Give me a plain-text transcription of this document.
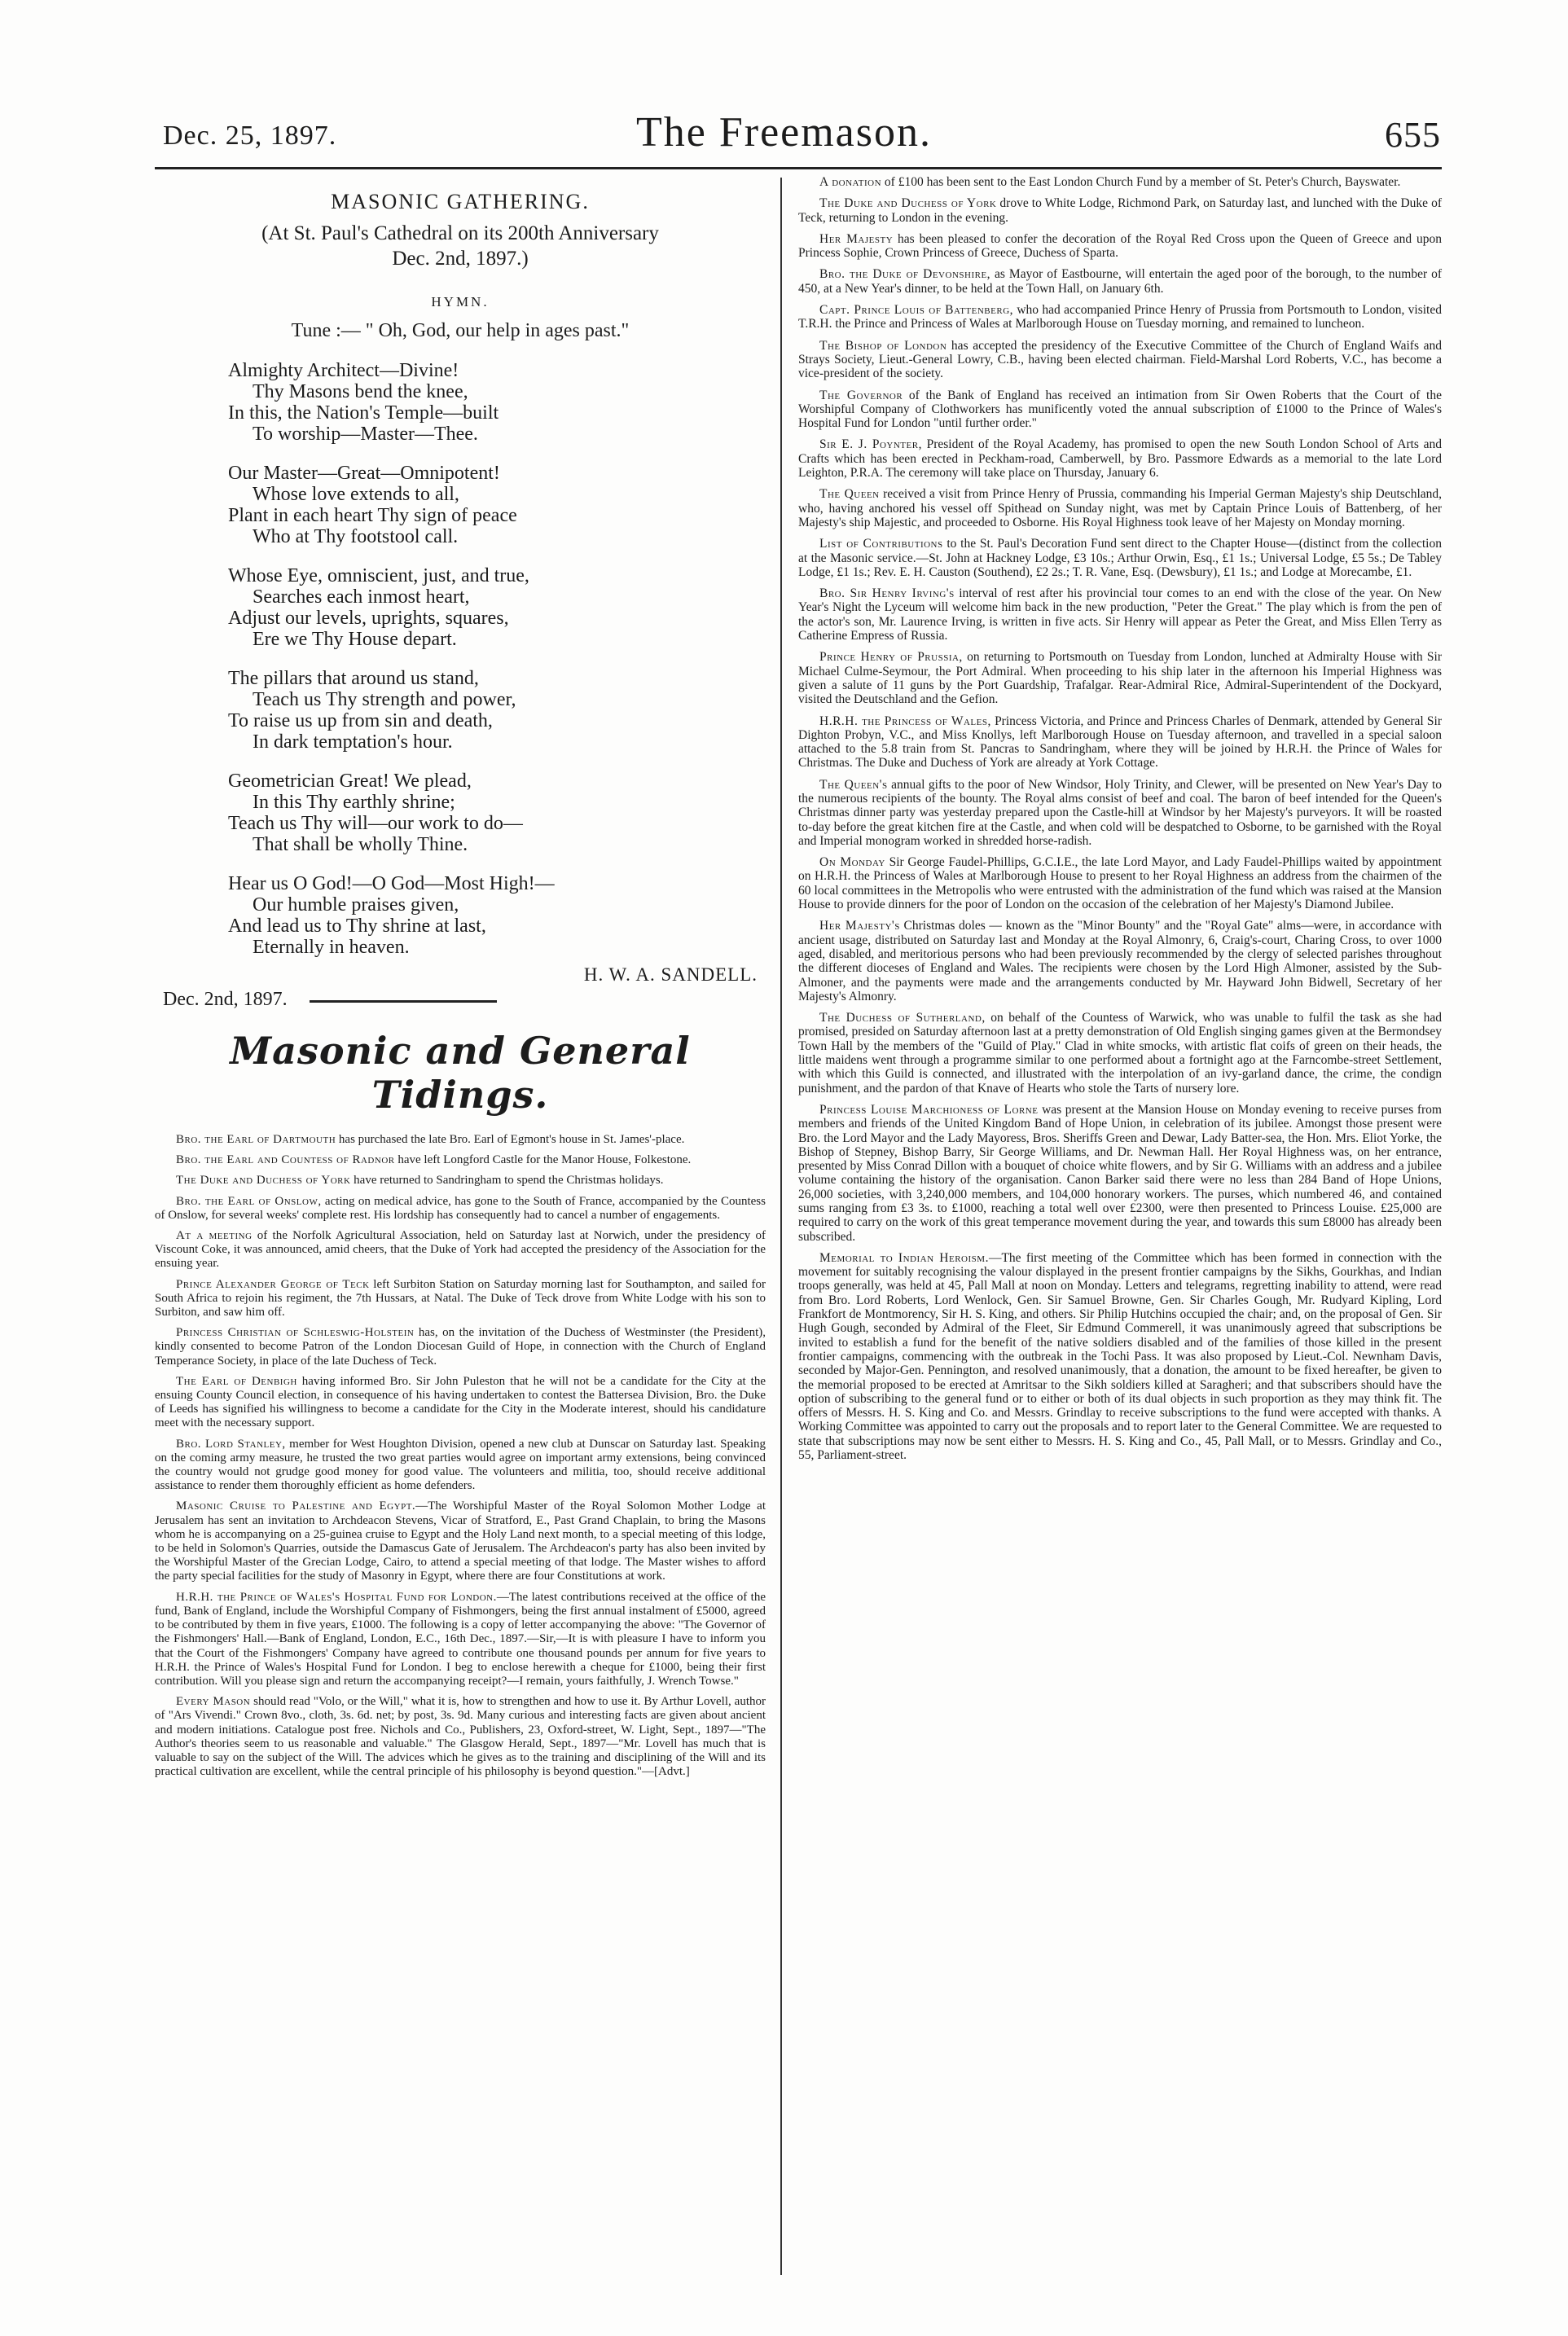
Dec. 25, 1897.	The Freemason.	655
MASONIC GATHERING.
(At St. Paul's Cathedral on its 200th Anniversary
Dec. 2nd, 1897.)
HYMN.
Tune :— " Oh, God, our help in ages past."
Almighty Architect—Divine!
Thy Masons bend the knee,
In this, the Nation's Temple—built
To worship—Master—Thee.
Our Master—Great—Omnipotent!
Whose love extends to all,
Plant in each heart Thy sign of peace
Who at Thy footstool call.
Whose Eye, omniscient, just, and true,
Searches each inmost heart,
Adjust our levels, uprights, squares,
Ere we Thy House depart.
The pillars that around us stand,
Teach us Thy strength and power,
To raise us up from sin and death,
In dark temptation's hour.
Geometrician Great! We plead,
In this Thy earthly shrine;
Teach us Thy will—our work to do—
That shall be wholly Thine.
Hear us O God!—O God—Most High!—
Our humble praises given,
And lead us to Thy shrine at last,
Eternally in heaven.
H. W. A. SANDELL.
Dec. 2nd, 1897.
Masonic and General Tidings.

Bro. the Earl of Dartmouth has purchased the late Bro. Earl of Egmont's house in St. James'-place.

Bro. the Earl and Countess of Radnor have left Longford Castle for the Manor House, Folkestone.

The Duke and Duchess of York have returned to Sandringham to spend the Christmas holidays.

Bro. the Earl of Onslow, acting on medical advice, has gone to the South of France, accompanied by the Countess of Onslow, for several weeks' complete rest. His lordship has consequently had to cancel a number of engagements.

At a meeting of the Norfolk Agricultural Association, held on Saturday last at Norwich, under the presidency of Viscount Coke, it was announced, amid cheers, that the Duke of York had accepted the presidency of the Association for the ensuing year.

Prince Alexander George of Teck left Surbiton Station on Saturday morning last for Southampton, and sailed for South Africa to rejoin his regiment, the 7th Hussars, at Natal. The Duke of Teck drove from White Lodge with his son to Surbiton, and saw him off.

Princess Christian of Schleswig-Holstein has, on the invitation of the Duchess of Westminster (the President), kindly consented to become Patron of the London Diocesan Guild of Hope, in connection with the Church of England Temperance Society, in place of the late Duchess of Teck.

The Earl of Denbigh having informed Bro. Sir John Puleston that he will not be a candidate for the City at the ensuing County Council election, in consequence of his having undertaken to contest the Battersea Division, Bro. the Duke of Leeds has signified his willingness to become a candidate for the City in the Moderate interest, should his candidature meet with the necessary support.

Bro. Lord Stanley, member for West Houghton Division, opened a new club at Dunscar on Saturday last. Speaking on the coming army measure, he trusted the two great parties would agree on important army extensions, being convinced the country would not grudge good money for good value. The volunteers and militia, too, should receive additional assistance to render them thoroughly efficient as home defenders.

Masonic Cruise to Palestine and Egypt.—The Worshipful Master of the Royal Solomon Mother Lodge at Jerusalem has sent an invitation to Archdeacon Stevens, Vicar of Stratford, E., Past Grand Chaplain, to bring the Masons whom he is accompanying on a 25-guinea cruise to Egypt and the Holy Land next month, to a special meeting of this lodge, to be held in Solomon's Quarries, outside the Damascus Gate of Jerusalem. The Archdeacon's party has also been invited by the Worshipful Master of the Grecian Lodge, Cairo, to attend a special meeting of that lodge. The Master wishes to afford the party special facilities for the study of Masonry in Egypt, where there are four Constitutions at work.

H.R.H. the Prince of Wales's Hospital Fund for London.—The latest contributions received at the office of the fund, Bank of England, include the Worshipful Company of Fishmongers, being the first annual instalment of £5000, agreed to be contributed by them in five years, £1000. The following is a copy of letter accompanying the above: "The Governor of the Fishmongers' Hall.—Bank of England, London, E.C., 16th Dec., 1897.—Sir,—It is with pleasure I have to inform you that the Court of the Fishmongers' Company have agreed to contribute one thousand pounds per annum for five years to H.R.H. the Prince of Wales's Hospital Fund for London. I beg to enclose herewith a cheque for £1000, being their first contribution. Will you please sign and return the accompanying receipt?—I remain, yours faithfully, J. Wrench Towse."

Every Mason should read "Volo, or the Will," what it is, how to strengthen and how to use it. By Arthur Lovell, author of "Ars Vivendi." Crown 8vo., cloth, 3s. 6d. net; by post, 3s. 9d. Many curious and interesting facts are given about ancient and modern initiations. Catalogue post free. Nichols and Co., Publishers, 23, Oxford-street, W. Light, Sept., 1897—"The Author's theories seem to us reasonable and valuable." The Glasgow Herald, Sept., 1897—"Mr. Lovell has much that is valuable to say on the subject of the Will. The advices which he gives as to the training and disciplining of the Will and its practical cultivation are excellent, while the central principle of his philosophy is beyond question."—[Advt.]

A donation of £100 has been sent to the East London Church Fund by a member of St. Peter's Church, Bayswater.

The Duke and Duchess of York drove to White Lodge, Richmond Park, on Saturday last, and lunched with the Duke of Teck, returning to London in the evening.

Her Majesty has been pleased to confer the decoration of the Royal Red Cross upon the Queen of Greece and upon Princess Sophie, Crown Princess of Greece, Duchess of Sparta.

Bro. the Duke of Devonshire, as Mayor of Eastbourne, will entertain the aged poor of the borough, to the number of 450, at a New Year's dinner, to be held at the Town Hall, on January 6th.

Capt. Prince Louis of Battenberg, who had accompanied Prince Henry of Prussia from Portsmouth to London, visited T.R.H. the Prince and Princess of Wales at Marlborough House on Tuesday morning, and remained to luncheon.

The Bishop of London has accepted the presidency of the Executive Committee of the Church of England Waifs and Strays Society, Lieut.-General Lowry, C.B., having been elected chairman. Field-Marshal Lord Roberts, V.C., has become a vice-president of the society.

The Governor of the Bank of England has received an intimation from Sir Owen Roberts that the Court of the Worshipful Company of Clothworkers has munificently voted the annual subscription of £1000 to the Prince of Wales's Hospital Fund for London "until further order."

Sir E. J. Poynter, President of the Royal Academy, has promised to open the new South London School of Arts and Crafts which has been erected in Peckham-road, Camberwell, by Bro. Passmore Edwards as a memorial to the late Lord Leighton, P.R.A. The ceremony will take place on Thursday, January 6.

The Queen received a visit from Prince Henry of Prussia, commanding his Imperial German Majesty's ship Deutschland, who, having anchored his vessel off Spithead on Sunday night, was met by Captain Prince Louis of Battenberg, of her Majesty's ship Majestic, and proceeded to Osborne. His Royal Highness took leave of her Majesty on Monday morning.

List of Contributions to the St. Paul's Decoration Fund sent direct to the Chapter House—(distinct from the collection at the Masonic service.—St. John at Hackney Lodge, £3 10s.; Arthur Orwin, Esq., £1 1s.; Universal Lodge, £5 5s.; De Tabley Lodge, £1 1s.; Rev. E. H. Causton (Southend), £2 2s.; T. R. Vane, Esq. (Dewsbury), £1 1s.; and Lodge at Morecambe, £1.

Bro. Sir Henry Irving's interval of rest after his provincial tour comes to an end with the close of the year. On New Year's Night the Lyceum will welcome him back in the new production, "Peter the Great." The play which is from the pen of the actor's son, Mr. Laurence Irving, is written in five acts. Sir Henry will appear as Peter the Great, and Miss Ellen Terry as Catherine Empress of Russia.

Prince Henry of Prussia, on returning to Portsmouth on Tuesday from London, lunched at Admiralty House with Sir Michael Culme-Seymour, the Port Admiral. When proceeding to his ship later in the afternoon his Imperial Highness was given a salute of 11 guns by the Port Guardship, Trafalgar. Rear-Admiral Rice, Admiral-Superintendent of the Dockyard, visited the Deutschland and the Gefion.

H.R.H. the Princess of Wales, Princess Victoria, and Prince and Princess Charles of Denmark, attended by General Sir Dighton Probyn, V.C., and Miss Knollys, left Marlborough House on Tuesday afternoon, and travelled in a special saloon attached to the 5.8 train from St. Pancras to Sandringham, where they will be joined by H.R.H. the Prince of Wales for Christmas. The Duke and Duchess of York are already at York Cottage.

The Queen's annual gifts to the poor of New Windsor, Holy Trinity, and Clewer, will be presented on New Year's Day to the numerous recipients of the bounty. The Royal alms consist of beef and coal. The baron of beef intended for the Queen's Christmas dinner party was yesterday prepared upon the Castle-hill at Windsor by her Majesty's purveyors. It will be roasted to-day before the great kitchen fire at the Castle, and when cold will be despatched to Osborne, to be garnished with the Royal and Imperial monogram worked in shredded horse-radish.

On Monday Sir George Faudel-Phillips, G.C.I.E., the late Lord Mayor, and Lady Faudel-Phillips waited by appointment on H.R.H. the Princess of Wales at Marlborough House to present to her Royal Highness an address from the chairmen of the 60 local committees in the Metropolis who were entrusted with the administration of the fund which was raised at the Mansion House to provide dinners for the poor of London on the occasion of the celebration of her Majesty's Diamond Jubilee.

Her Majesty's Christmas doles — known as the "Minor Bounty" and the "Royal Gate" alms—were, in accordance with ancient usage, distributed on Saturday last and Monday at the Royal Almonry, 6, Craig's-court, Charing Cross, to over 1000 aged, disabled, and meritorious persons who had been previously recommended by the clergy of selected parishes throughout the different dioceses of England and Wales. The recipients were chosen by the Lord High Almoner, assisted by the Sub-Almoner, and the payments were made and the arrangements conducted by Mr. Hayward John Bidwell, Secretary of her Majesty's Almonry.

The Duchess of Sutherland, on behalf of the Countess of Warwick, who was unable to fulfil the task as she had promised, presided on Saturday afternoon last at a pretty demonstration of Old English singing games given at the Bermondsey Town Hall by the members of the "Guild of Play." Clad in white smocks, with artistic flat coifs of green on their heads, the little maidens went through a programme similar to one performed about a fortnight ago at the Farncombe-street Settlement, with which this Guild is connected, and illustrated with the interpolation of an ivy-garland dance, the crime, the condign punishment, and the pardon of that Knave of Hearts who stole the Tarts of nursery lore.

Princess Louise Marchioness of Lorne was present at the Mansion House on Monday evening to receive purses from members and friends of the United Kingdom Band of Hope Union, in celebration of its jubilee. Amongst those present were Bro. the Lord Mayor and the Lady Mayoress, Bros. Sheriffs Green and Dewar, Lady Batter-sea, the Hon. Mrs. Eliot Yorke, the Bishop of Stepney, Bishop Barry, Sir George Williams, and Dr. Newman Hall. Her Royal Highness was, on her entrance, presented by Miss Conrad Dillon with a bouquet of choice white flowers, and by Sir G. Williams with an address and a jubilee volume containing the history of the organisation. Canon Barker said there were no less than 284 Band of Hope Unions, 26,000 societies, with 3,240,000 members, and 104,000 honorary workers. The purses, which numbered 46, and contained sums ranging from £3 3s. to £1000, reaching a total well over £2300, were then presented to Princess Louise. £25,000 are required to carry on the work of this great temperance movement during the year, and towards this sum £8000 has already been subscribed.

Memorial to Indian Heroism.—The first meeting of the Committee which has been formed in connection with the movement for suitably recognising the valour displayed in the present frontier campaigns by the Sikhs, Gourkhas, and Indian troops generally, was held at 45, Pall Mall at noon on Monday. Letters and telegrams, regretting inability to attend, were read from Bro. Lord Roberts, Lord Wenlock, Gen. Sir Samuel Browne, Gen. Sir Charles Gough, Mr. Rudyard Kipling, Lord Frankfort de Montmorency, Sir H. S. King, and others. Sir Philip Hutchins occupied the chair; and, on the proposal of Gen. Sir Hugh Gough, seconded by Admiral of the Fleet, Sir Edmund Commerell, it was unanimously agreed that subscriptions be invited to establish a fund for the benefit of the native soldiers disabled and of the families of those killed in the present frontier campaigns, commencing with the outbreak in the Tochi Pass. It was also proposed by Lieut.-Col. Newnham Davis, seconded by Major-Gen. Pennington, and resolved unanimously, that a donation, the amount to be fixed hereafter, be given to the memorial proposed to be erected at Amritsar to the Sikh soldiers killed at Saragheri; and that subscribers should have the option of subscribing to the general fund or to either or both of its dual objects in such proportion as they may think fit. The offers of Messrs. H. S. King and Co. and Messrs. Grindlay to receive subscriptions to the fund were accepted with thanks. A Working Committee was appointed to carry out the proposals and to report later to the General Committee. We are requested to state that subscriptions may now be sent either to Messrs. H. S. King and Co., 45, Pall Mall, or to Messrs. Grindlay and Co., 55, Parliament-street.
